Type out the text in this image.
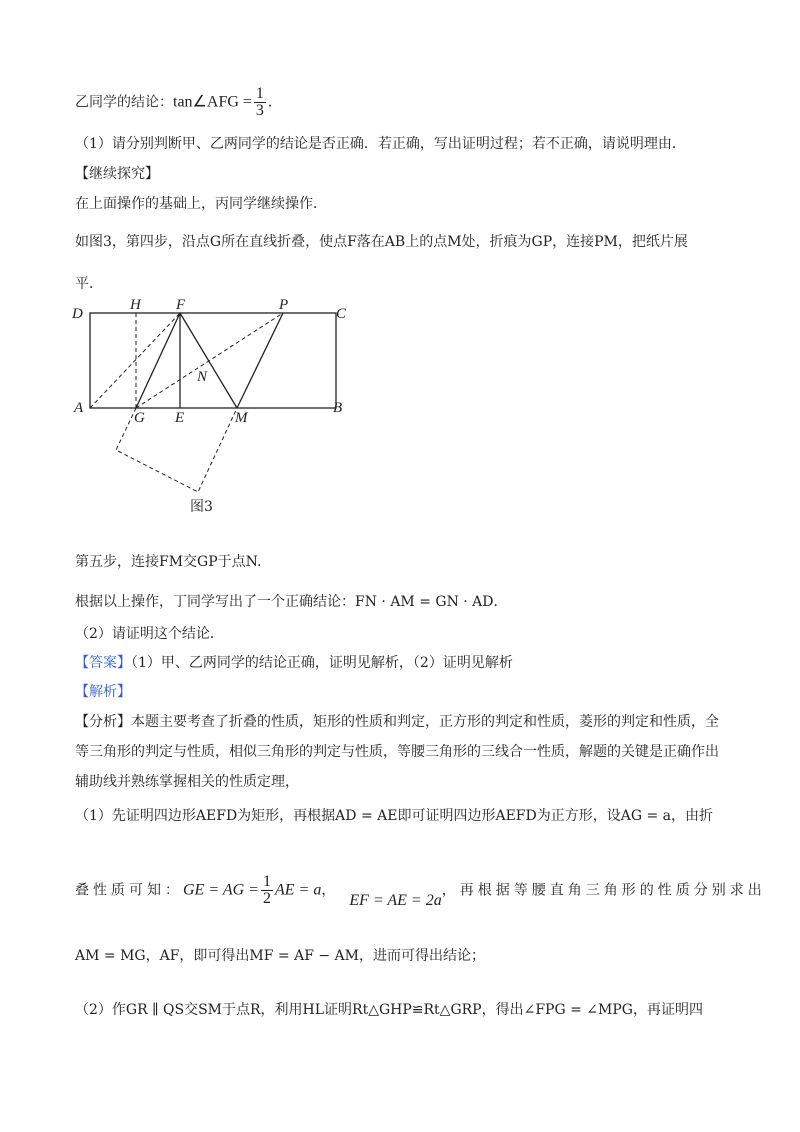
乙同学的结论：tan∠AFG = $\frac{1}{3}$ ．
（1）请分别判断甲、乙两同学的结论是否正确．若正确，写出证明过程；若不正确，请说明理由．
【继续探究】
在上面操作的基础上，丙同学继续操作．
如图3，第四步，沿点G所在直线折叠，使点F落在AB上的点M处，折痕为GP，连接PM，把纸片展
平．
D
H F	P
C
N
A
G E	M
B
图3
第五步，连接FM交GP于点N.
根据以上操作，丁同学写出了一个正确结论：FN · AM = GN · AD．
（2）请证明这个结论．
【答案】（1）甲、乙两同学的结论正确，证明见解析，（2）证明见解析
【解析】
【分析】本题主要考查了折叠的性质，矩形的性质和判定，正方形的判定和性质，菱形的判定和性质，全
等三角形的判定与性质，相似三角形的判定与性质，等腰三角形的三线合一性质，解题的关键是正确作出
辅助线并熟练掌握相关的性质定理，
（1）先证明四边形AEFD为矩形，再根据AD = AE即可证明四边形AEFD为正方形，设AG = a，由折
叠性质可知：GE = AG = $\frac{1}{2}$ AE = a，EF = AE = 2a，再根据等腰直角三角形的性质分别求出
AM = MG，AF，即可得出MF = AF − AM，进而可得出结论；
（2）作GR ∥ QS交SM于点R，利用HL证明Rt△GHP≌Rt△GRP，得出∠FPG = ∠MPG，再证明四
